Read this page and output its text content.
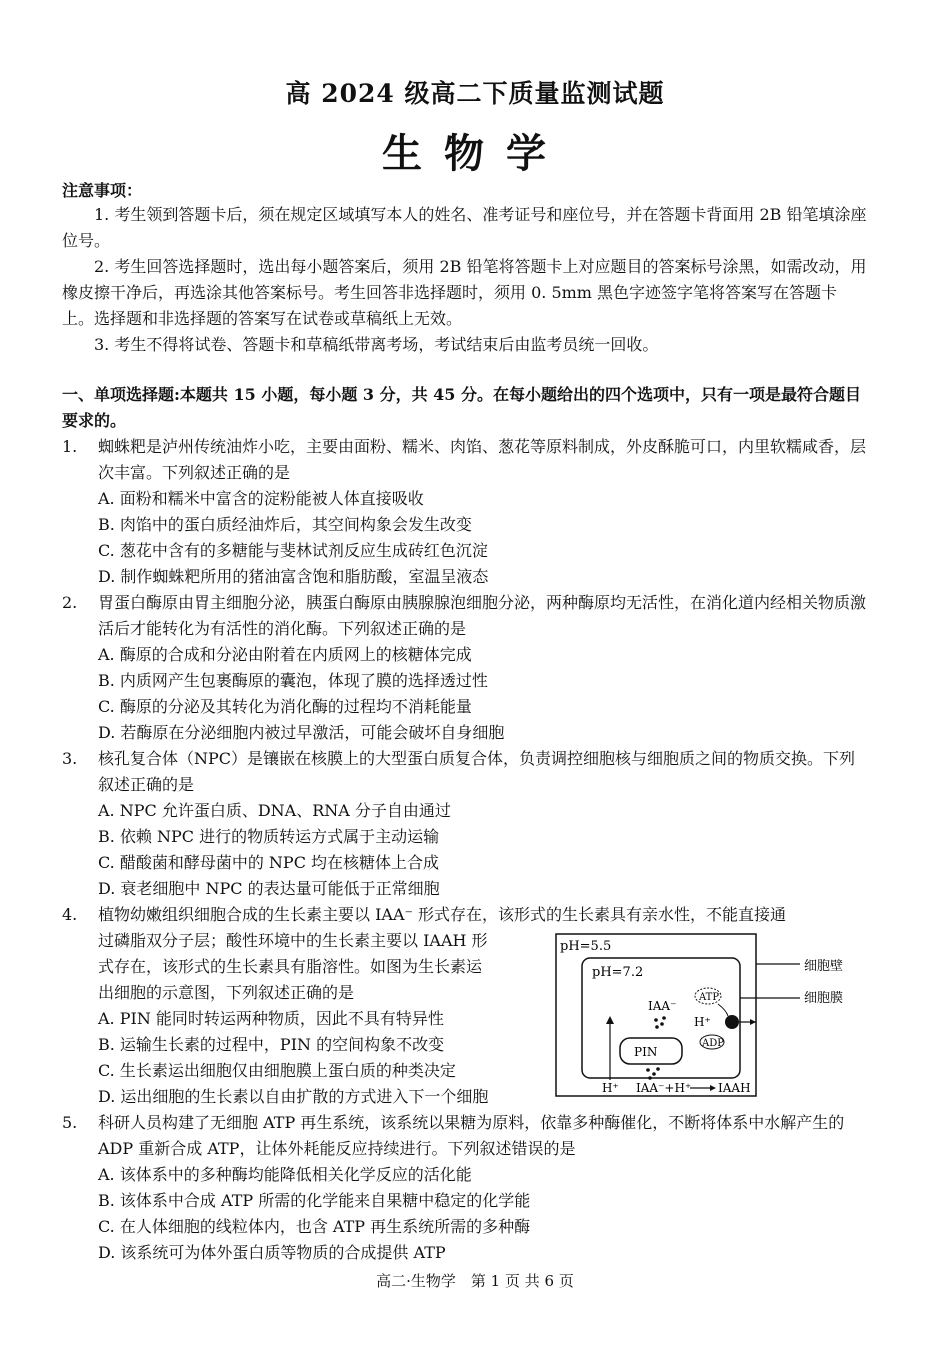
高 2024 级高二下质量监测试题
生物学
注意事项：

1. 考生领到答题卡后，须在规定区域填写本人的姓名、准考证号和座位号，并在答题卡背面用 2B 铅笔填涂座位号。

2. 考生回答选择题时，选出每小题答案后，须用 2B 铅笔将答题卡上对应题目的答案标号涂黑，如需改动，用橡皮擦干净后，再选涂其他答案标号。考生回答非选择题时，须用 0. 5mm 黑色字迹签字笔将答案写在答题卡上。选择题和非选择题的答案写在试卷或草稿纸上无效。

3. 考生不得将试卷、答题卡和草稿纸带离考场，考试结束后由监考员统一回收。

一、单项选择题:本题共 15 小题，每小题 3 分，共 45 分。在每小题给出的四个选项中，只有一项是最符合题目要求的。
1.	蜘蛛粑是泸州传统油炸小吃，主要由面粉、糯米、肉馅、葱花等原料制成，外皮酥脆可口，内里软糯咸香，层次丰富。下列叙述正确的是
A. 面粉和糯米中富含的淀粉能被人体直接吸收
B. 肉馅中的蛋白质经油炸后，其空间构象会发生改变
C. 葱花中含有的多糖能与斐林试剂反应生成砖红色沉淀
D. 制作蜘蛛粑所用的猪油富含饱和脂肪酸，室温呈液态
2.	胃蛋白酶原由胃主细胞分泌，胰蛋白酶原由胰腺腺泡细胞分泌，两种酶原均无活性，在消化道内经相关物质激活后才能转化为有活性的消化酶。下列叙述正确的是
A. 酶原的合成和分泌由附着在内质网上的核糖体完成
B. 内质网产生包裹酶原的囊泡，体现了膜的选择透过性
C. 酶原的分泌及其转化为消化酶的过程均不消耗能量
D. 若酶原在分泌细胞内被过早激活，可能会破坏自身细胞
3.	核孔复合体（NPC）是镶嵌在核膜上的大型蛋白质复合体，负责调控细胞核与细胞质之间的物质交换。下列叙述正确的是
A. NPC 允许蛋白质、DNA、RNA 分子自由通过
B. 依赖 NPC 进行的物质转运方式属于主动运输
C. 醋酸菌和酵母菌中的 NPC 均在核糖体上合成
D. 衰老细胞中 NPC 的表达量可能低于正常细胞
4.	植物幼嫩组织细胞合成的生长素主要以 IAA⁻ 形式存在，该形式的生长素具有亲水性，不能直接通
过磷脂双分子层；酸性环境中的生长素主要以 IAAH 形
式存在，该形式的生长素具有脂溶性。如图为生长素运
出细胞的示意图，下列叙述正确的是
A. PIN 能同时转运两种物质，因此不具有特异性
B. 运输生长素的过程中，PIN 的空间构象不改变
C. 生长素运出细胞仅由细胞膜上蛋白质的种类决定
D. 运出细胞的生长素以自由扩散的方式进入下一个细胞
pH=5.5
pH=7.2	细胞壁
细胞膜
IAA⁻
ATP
H⁺
ADP
PIN
H⁺ IAA⁻+H⁺ IAAH
5.	科研人员构建了无细胞 ATP 再生系统，该系统以果糖为原料，依靠多种酶催化，不断将体系中水解产生的 ADP 重新合成 ATP，让体外耗能反应持续进行。下列叙述错误的是
A. 该体系中的多种酶均能降低相关化学反应的活化能
B. 该体系中合成 ATP 所需的化学能来自果糖中稳定的化学能
C. 在人体细胞的线粒体内，也含 ATP 再生系统所需的多种酶
D. 该系统可为体外蛋白质等物质的合成提供 ATP
高二·生物学　第 1 页 共 6 页
